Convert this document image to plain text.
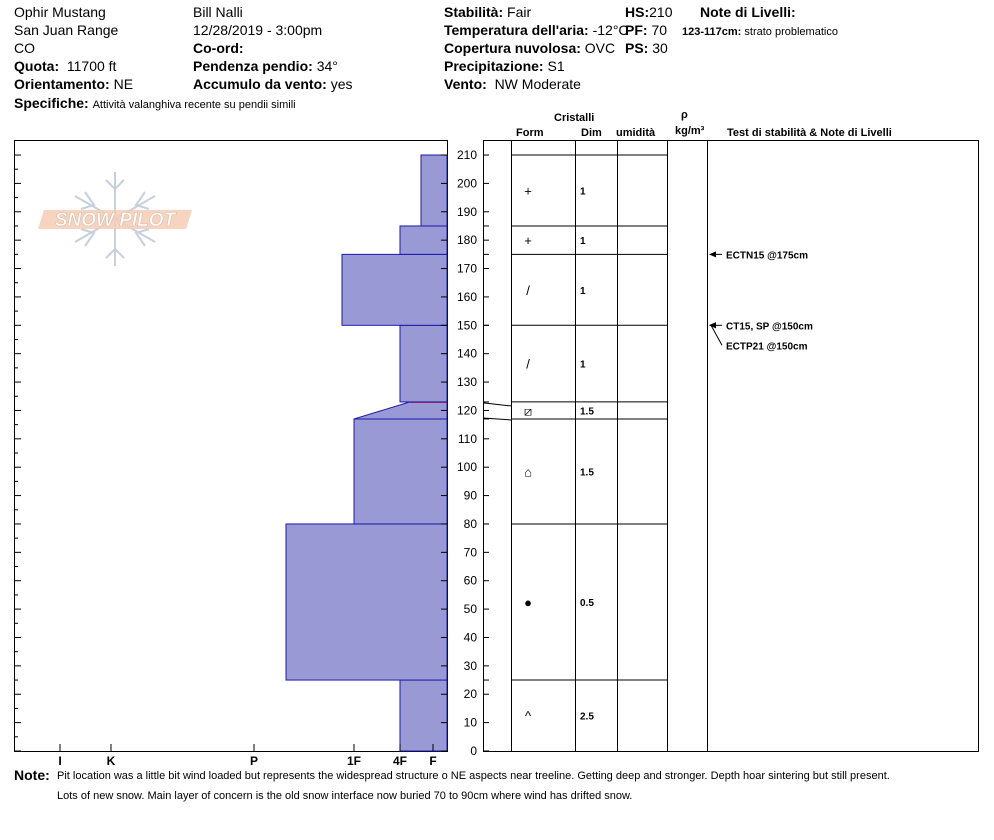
Ophir Mustang
San Juan Range
CO
Quota: 11700 ft
Orientamento: NE
Specifiche: Attività valanghiva recente su pendii simili
Bill Nalli
12/28/2019 - 3:00pm
Co-ord:
Pendenza pendio: 34°
Accumulo da vento: yes
Stabilità: Fair
Temperatura dell'aria: -12°C
Copertura nuvolosa: OVC
Precipitazione: S1
Vento: NW Moderate
HS:210
PF: 70
PS: 30
Note di Livelli:
123-117cm: strato problematico
Cristalli
Form	Dim umidità
ρ
kg/m³ Test di stabilità & Note di Livelli
SNOW PILOT
I	K	P	1F	4F F
0
10
20
30
40
50
60
70
80
90
100
110
120
130
140
150
160
170
180
190
200
210
+	1
+	1
/	1
/	1
⧄	1.5
⌂	1.5
●	0.5
^	2.5
ECTN15 @175cm
CT15, SP @150cm
ECTP21 @150cm
Note: Pit location was a little bit wind loaded but represents the widespread structure o NE aspects near treeline. Getting deep and stronger. Depth hoar sintering but still present.
Lots of new snow. Main layer of concern is the old snow interface now buried 70 to 90cm where wind has drifted snow.
